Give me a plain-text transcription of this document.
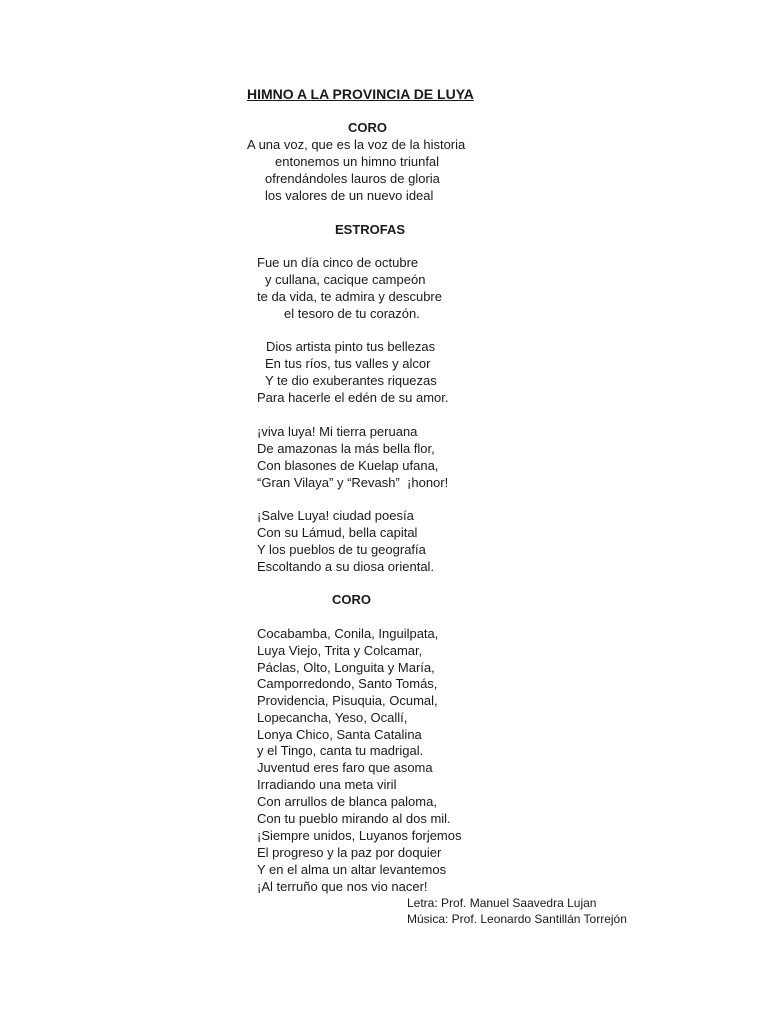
HIMNO A LA PROVINCIA DE LUYA
CORO
A una voz, que es la voz de la historia
entonemos un himno triunfal
ofrendándoles lauros de gloria
los valores de un nuevo ideal
ESTROFAS
Fue un día cinco de octubre
y cullana, cacique campeón
te da vida, te admira y descubre
el tesoro de tu corazón.
Dios artista pinto tus bellezas
En tus ríos, tus valles y alcor
Y te dio exuberantes riquezas
Para hacerle el edén de su amor.
¡viva luya! Mi tierra peruana
De amazonas la más bella flor,
Con blasones de Kuelap ufana,
“Gran Vilaya” y “Revash”  ¡honor!
¡Salve Luya! ciudad poesía
Con su Lámud, bella capital
Y los pueblos de tu geografía
Escoltando a su diosa oriental.
CORO
Cocabamba, Conila, Inguilpata,
Luya Viejo, Trita y Colcamar,
Páclas, Olto, Longuita y María,
Camporredondo, Santo Tomás,
Providencia, Pisuquia, Ocumal,
Lopecancha, Yeso, Ocallí,
Lonya Chico, Santa Catalina
y el Tingo, canta tu madrigal.
Juventud eres faro que asoma
Irradiando una meta viril
Con arrullos de blanca paloma,
Con tu pueblo mirando al dos mil.
¡Siempre unidos, Luyanos forjemos
El progreso y la paz por doquier
Y en el alma un altar levantemos
¡Al terruño que nos vio nacer!
Letra: Prof. Manuel Saavedra Lujan
Música: Prof. Leonardo Santillán Torrejón
